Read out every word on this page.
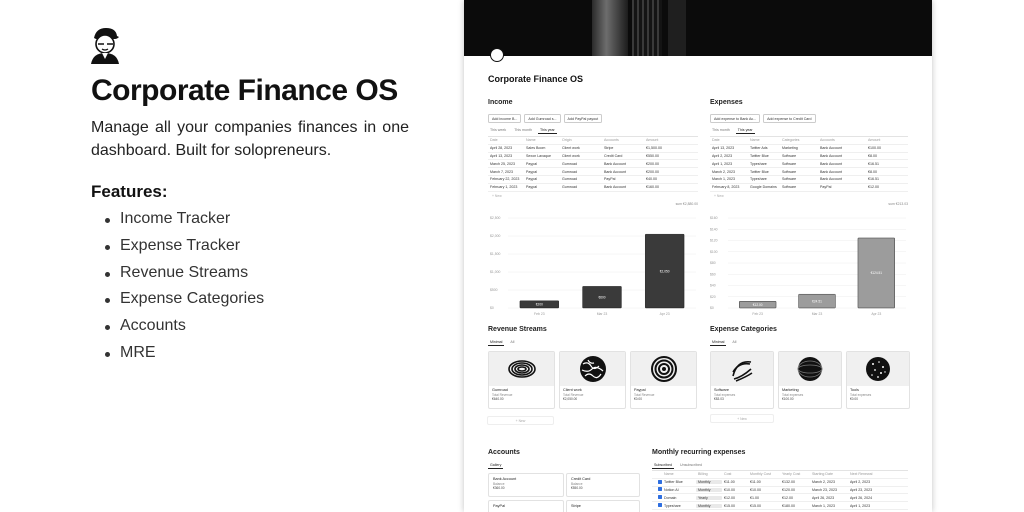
Corporate Finance OS
Manage all your companies finances in one dashboard. Built for solopreneurs.
Features:
Income Tracker
Expense Tracker
Revenue Streams
Expense Categories
Accounts
MRE
Corporate Finance OS
Income
Add income B...	Add Gumroad s...	Add PayPal payout
This week	This month	This year
Date	Name	Origin	Accounts	Amount
April 28, 2023	Sales Boom	Client work	Stripe	€1,500.00
April 13, 2023	Sexon Lavaque	Client work	Credit Card	€550.00
March 25, 2023	Paypal	Gumroad	Bank Account	€200.00
March 7, 2023	Paypal	Gumroad	Bank Account	€200.00
February 22, 2023	Paypal	Gumroad	PayPal	€40.00
February 1, 2023	Paypal	Gumroad	Bank Account	€160.00
+ New
sum €2,880.00
$0
$500
$1,000
$1,500
$2,000
$2,500
€200
Feb 23
€600
Mar 23
€2,050
Apr 23
Expenses
Add expense to Bank Ac...	Add expense to Credit Card
This month	This year
Date	Name	Categories	Accounts	Amount
April 13, 2023	Twitter Ads	Marketing	Bank Account	€100.00
April 2, 2023	Twitter Blue	Software	Bank Account	€8.00
April 1, 2023	Typeshare	Software	Bank Account	€16.51
March 2, 2023	Twitter Blue	Software	Bank Account	€8.00
March 1, 2023	Typeshare	Software	Bank Account	€16.51
February 8, 2023	Google Domains	Software	PayPal	€12.00
+ New
sum €213.03
$0
$20
$40
$60
$80
$100
$120
$140
$160
€12.00
Feb 23
€24.51
Mar 23
€124.51
Apr 23
Revenue Streams
Minimal	All
Gumroad
Total Revenue
€640.00
Client work
Total Revenue
€2,050.00
Paypal
Total Revenue
€0.00
+ New
Expense Categories
Minimal	All
Software
Total expenses
€83.03
Marketing
Total expenses
€100.00
Tools
Total expenses
€0.00
+ New
Accounts
Gallery
Bank Account
Balance
€360.00
Credit Card
Balance
€550.00
PayPal	Stripe
Monthly recurring expenses
Subscribed	Unsubscribed
Name	Billing	Cost	Monthly Cost	Yearly Cost	Starting Date	Next Renewal
Twitter Blue	Monthly	€11.00	€11.00	€132.00	March 2, 2023	April 2, 2023
Notion AI	Monthly	€10.00	€10.00	€120.00	March 23, 2023	April 23, 2023
Domain	Yearly	€12.00	€1.00	€12.00	April 26, 2023	April 26, 2024
Typeshare	Monthly	€15.00	€15.00	€180.00	March 1, 2023	April 1, 2023
